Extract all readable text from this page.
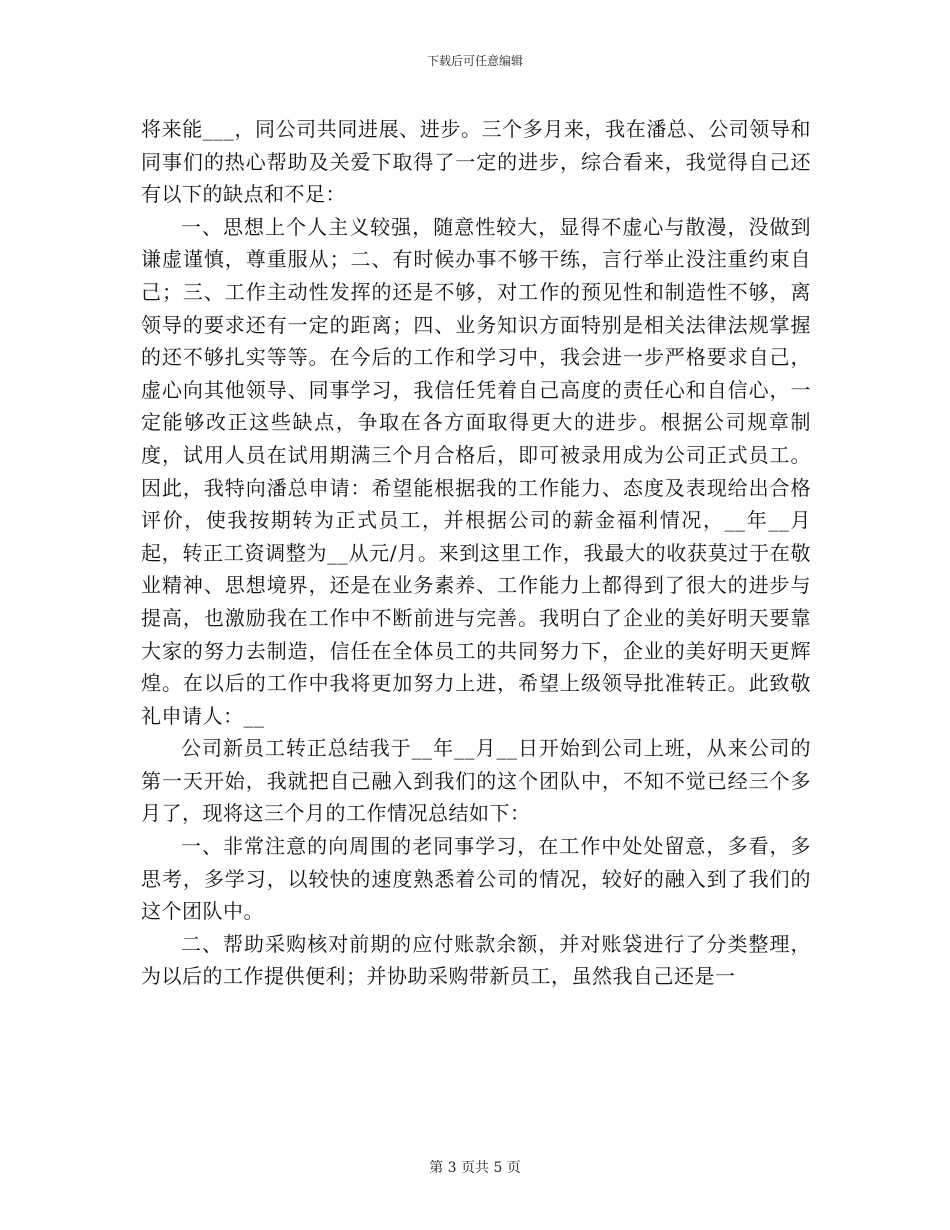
下载后可任意编辑

将来能___，同公司共同进展、进步。三个多月来，我在潘总、公司领导和同事们的热心帮助及关爱下取得了一定的进步，综合看来，我觉得自己还有以下的缺点和不足：

一、思想上个人主义较强，随意性较大，显得不虚心与散漫，没做到谦虚谨慎，尊重服从；二、有时候办事不够干练，言行举止没注重约束自己；三、工作主动性发挥的还是不够，对工作的预见性和制造性不够，离领导的要求还有一定的距离；四、业务知识方面特别是相关法律法规掌握的还不够扎实等等。在今后的工作和学习中，我会进一步严格要求自己，虚心向其他领导、同事学习，我信任凭着自己高度的责任心和自信心，一定能够改正这些缺点，争取在各方面取得更大的进步。根据公司规章制度，试用人员在试用期满三个月合格后，即可被录用成为公司正式员工。因此，我特向潘总申请：希望能根据我的工作能力、态度及表现给出合格评价，使我按期转为正式员工，并根据公司的薪金福利情况，__年__月起，转正工资调整为__从元/月。来到这里工作，我最大的收获莫过于在敬业精神、思想境界，还是在业务素养、工作能力上都得到了很大的进步与提高，也激励我在工作中不断前进与完善。我明白了企业的美好明天要靠大家的努力去制造，信任在全体员工的共同努力下，企业的美好明天更辉煌。在以后的工作中我将更加努力上进，希望上级领导批准转正。此致敬礼申请人：__

公司新员工转正总结我于__年__月__日开始到公司上班，从来公司的第一天开始，我就把自己融入到我们的这个团队中，不知不觉已经三个多月了，现将这三个月的工作情况总结如下：

一、非常注意的向周围的老同事学习，在工作中处处留意，多看，多思考，多学习，以较快的速度熟悉着公司的情况，较好的融入到了我们的这个团队中。

二、帮助采购核对前期的应付账款余额，并对账袋进行了分类整理，为以后的工作提供便利；并协助采购带新员工，虽然我自己还是一

第 3 页共 5 页
